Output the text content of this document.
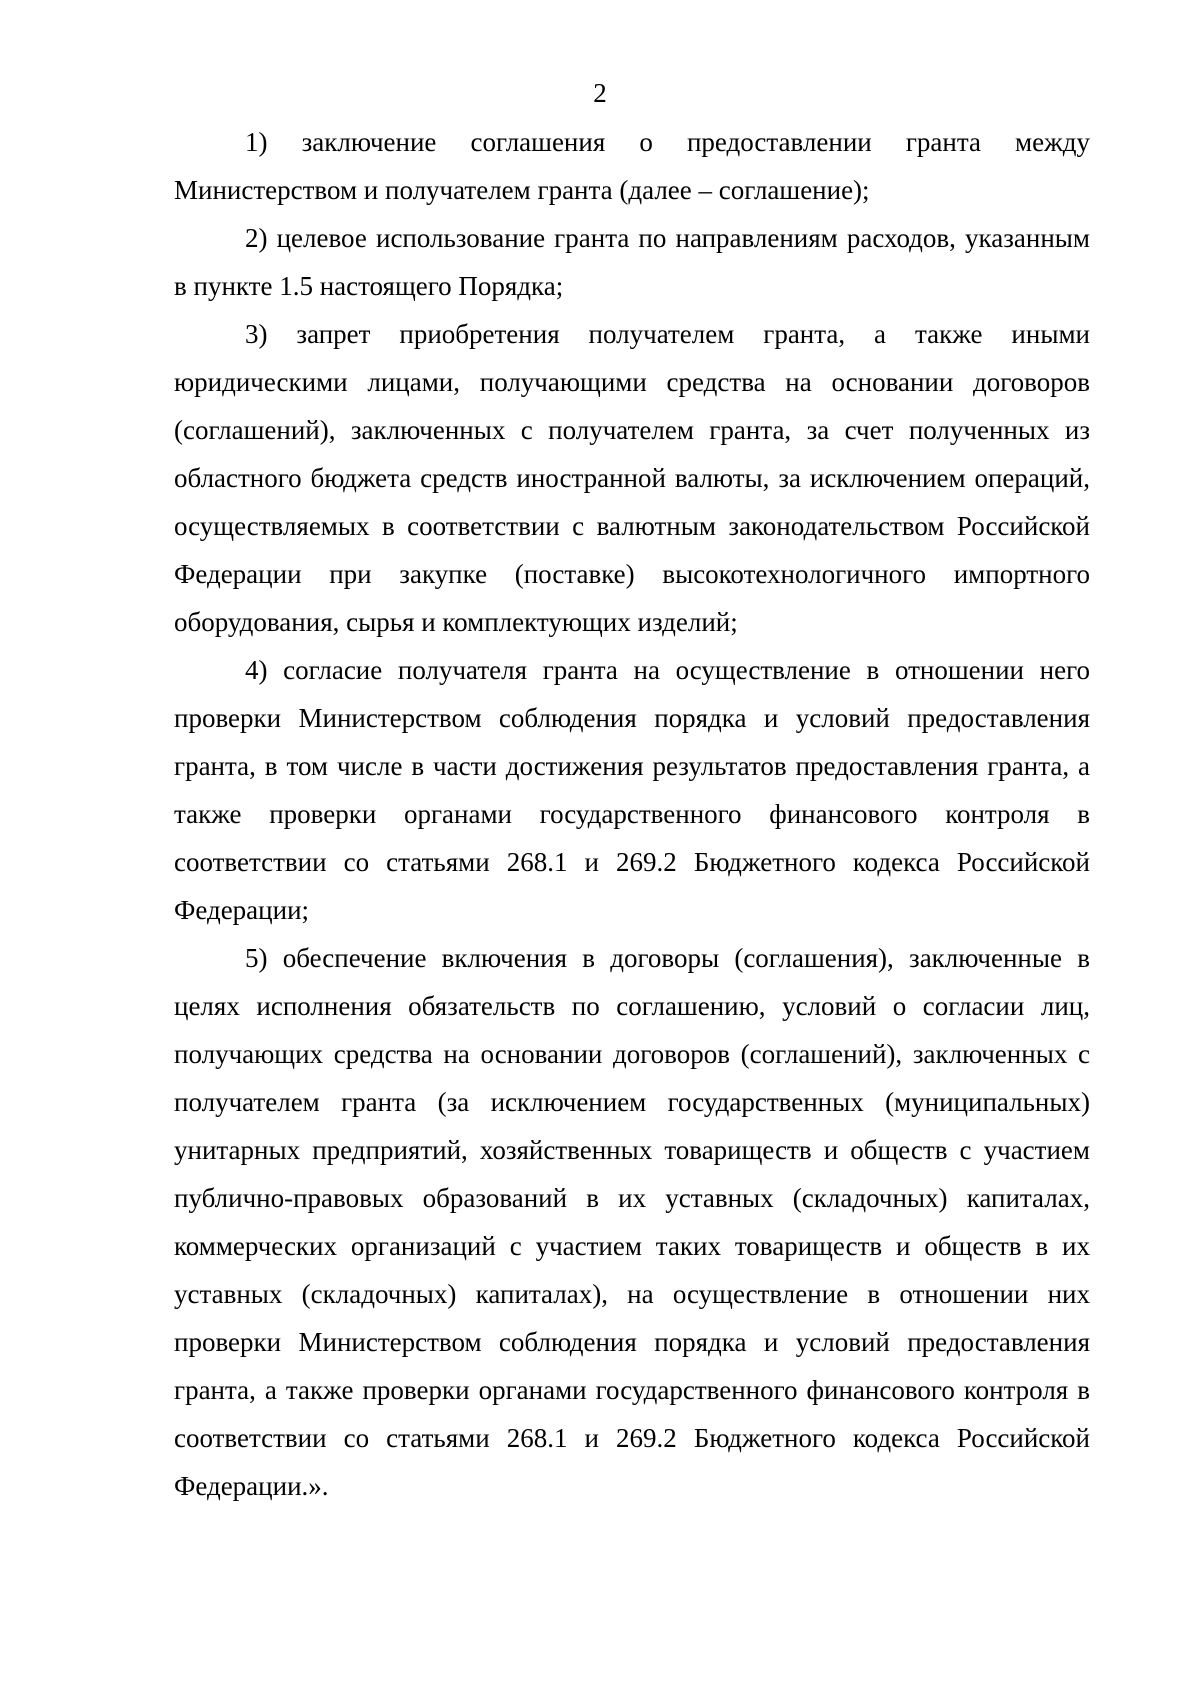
2

1) заключение соглашения о предоставлении гранта между Министерством и получателем гранта (далее – соглашение);

2) целевое использование гранта по направлениям расходов, указанным в пункте 1.5 настоящего Порядка;

3) запрет приобретения получателем гранта, а также иными юридическими лицами, получающими средства на основании договоров (соглашений), заключенных с получателем гранта, за счет полученных из областного бюджета средств иностранной валюты, за исключением операций, осуществляемых в соответствии с валютным законодательством Российской Федерации при закупке (поставке) высокотехнологичного импортного оборудования, сырья и комплектующих изделий;

4) согласие получателя гранта на осуществление в отношении него проверки Министерством соблюдения порядка и условий предоставления гранта, в том числе в части достижения результатов предоставления гранта, а также проверки органами государственного финансового контроля в соответствии со статьями 268.1 и 269.2 Бюджетного кодекса Российской Федерации;

5) обеспечение включения в договоры (соглашения), заключенные в целях исполнения обязательств по соглашению, условий о согласии лиц, получающих средства на основании договоров (соглашений), заключенных с получателем гранта (за исключением государственных (муниципальных) унитарных предприятий, хозяйственных товариществ и обществ с участием публично-правовых образований в их уставных (складочных) капиталах, коммерческих организаций с участием таких товариществ и обществ в их уставных (складочных) капиталах), на осуществление в отношении них проверки Министерством соблюдения порядка и условий предоставления гранта, а также проверки органами государственного финансового контроля в соответствии со статьями 268.1 и 269.2 Бюджетного кодекса Российской Федерации.».
